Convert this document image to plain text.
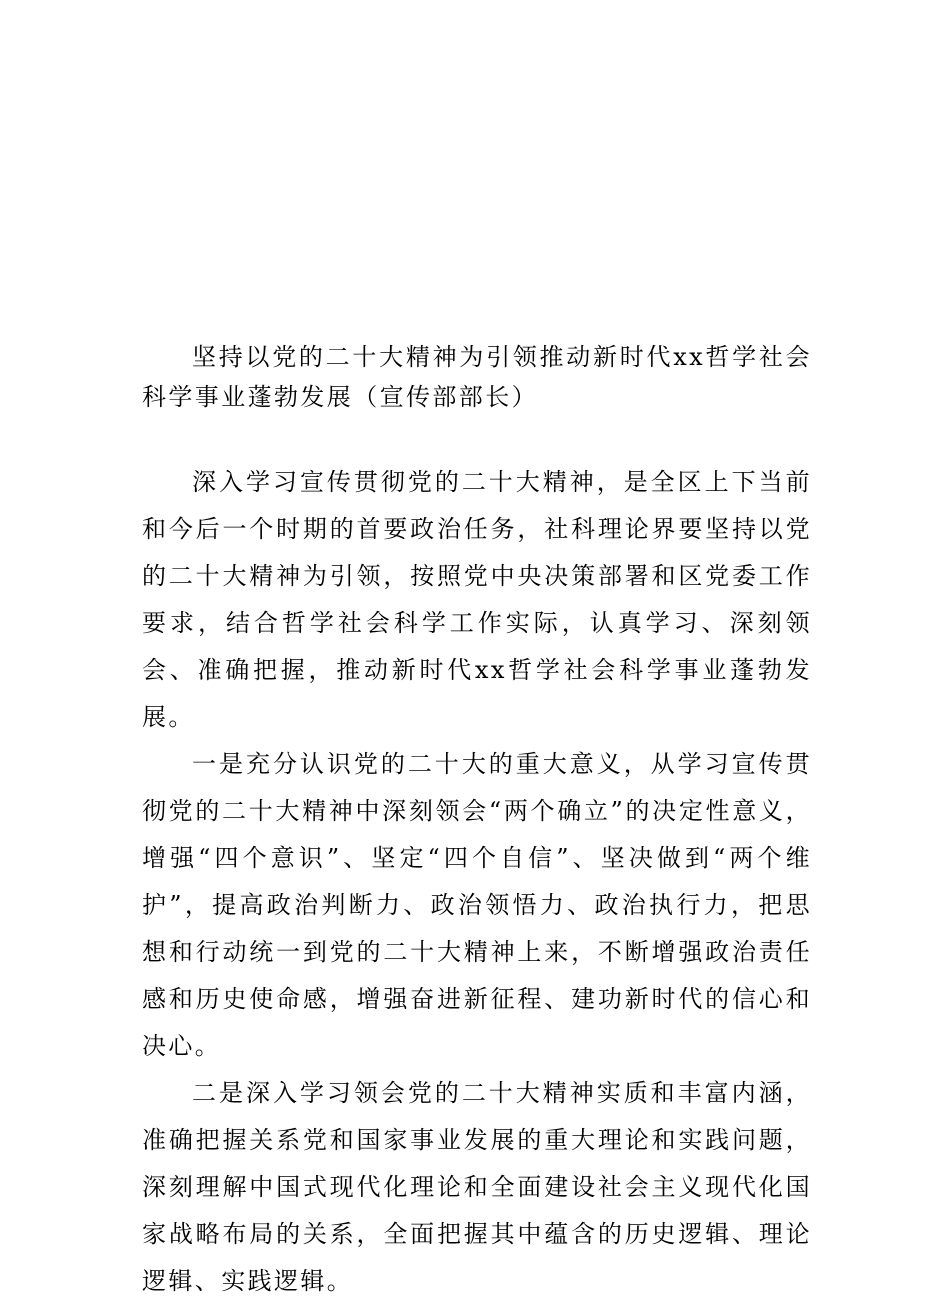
坚持以党的二十大精神为引领推动新时代xx哲学社会科学事业蓬勃发展（宣传部部长）

深入学习宣传贯彻党的二十大精神，是全区上下当前和今后一个时期的首要政治任务，社科理论界要坚持以党的二十大精神为引领，按照党中央决策部署和区党委工作要求，结合哲学社会科学工作实际，认真学习、深刻领会、准确把握，推动新时代xx哲学社会科学事业蓬勃发展。

一是充分认识党的二十大的重大意义，从学习宣传贯彻党的二十大精神中深刻领会“两个确立”的决定性意义，增强“四个意识”、坚定“四个自信”、坚决做到“两个维护”，提高政治判断力、政治领悟力、政治执行力，把思想和行动统一到党的二十大精神上来，不断增强政治责任感和历史使命感，增强奋进新征程、建功新时代的信心和决心。

二是深入学习领会党的二十大精神实质和丰富内涵，准确把握关系党和国家事业发展的重大理论和实践问题，深刻理解中国式现代化理论和全面建设社会主义现代化国家战略布局的关系，全面把握其中蕴含的历史逻辑、理论逻辑、实践逻辑。
